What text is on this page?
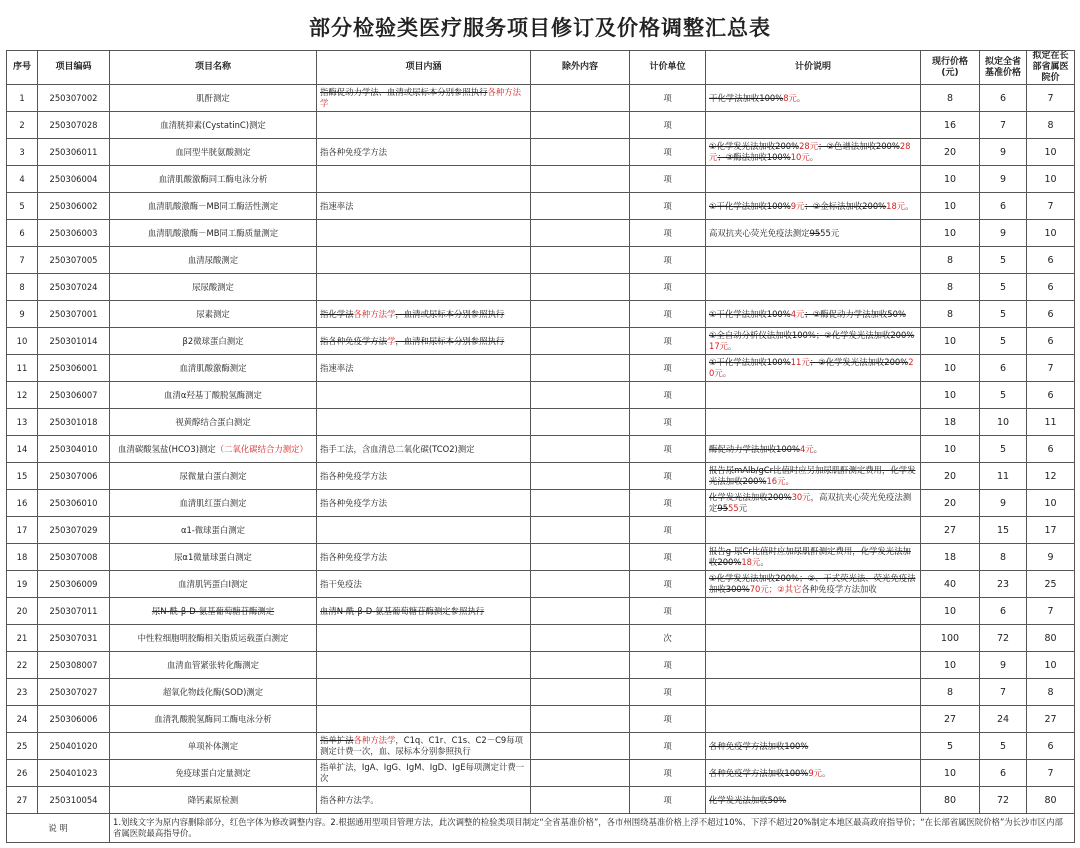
部分检验类医疗服务项目修订及价格调整汇总表
序号	项目编码	项目名称	项目内涵	除外内容	计价单位	计价说明	现行价格(元)	拟定全省基准价格	拟定在长部省属医院价
1	250307002	肌酐测定	指酶促动力学法、血清或尿标本分别参照执行各种方法学		项	干化学法加收100%8元。	8	6	7
2	250307028	血清胱抑素(CystatinC)测定			项		16	7	8
3	250306011	血同型半胱氨酸测定	指各种免疫学方法		项	①化学发光法加收200%28元；②色谱法加收200%28元；③酶法加收100%10元。	20	9	10
4	250306004	血清肌酸激酶同工酶电泳分析			项		10	9	10
5	250306002	血清肌酸激酶－MB同工酶活性测定	指速率法		项	①干化学法加收100%9元；②金标法加收200%18元。	10	6	7
6	250306003	血清肌酸激酶－MB同工酶质量测定			项	高双抗夹心荧光免疫法测定9555元	10	9	10
7	250307005	血清尿酸测定			项		8	5	6
8	250307024	尿尿酸测定			项		8	5	6
9	250307001	尿素测定	指化学法各种方法学，血清或尿标本分别参照执行		项	①干化学法加收100%4元；②酶促动力学法加收50%	8	5	6
10	250301014	β2微球蛋白测定	指各种免疫学方法学，血清和尿标本分别参照执行		项	①全自动分析仪法加收100%；②化学发光法加收200%17元。	10	5	6
11	250306001	血清肌酸激酶测定	指速率法		项	①干化学法加收100%11元；②化学发光法加收200%20元。	10	6	7
12	250306007	血清α羟基丁酸脱氢酶测定			项		10	5	6
13	250301018	视黄醇结合蛋白测定			项		18	10	11
14	250304010	血清碳酸氢盐(HCO3)测定（二氧化碳结合力测定）	指手工法，含血清总二氧化碳(TCO2)测定		项	酶促动力学法加收100%4元。	10	5	6
15	250307006	尿微量白蛋白测定	指各种免疫学方法		项	报告尿mAlb/gCr比值时应另加尿肌酐测定费用，化学发光法加收200%16元。	20	11	12
16	250306010	血清肌红蛋白测定	指各种免疫学方法		项	化学发光法加收200%30元，高双抗夹心荧光免疫法测定9555元	20	9	10
17	250307029	α1-微球蛋白测定			项		27	15	17
18	250307008	尿α1微量球蛋白测定	指各种免疫学方法		项	报告g-尿Cr比值时应加尿肌酐测定费用，化学发光法加收200%18元。	18	8	9
19	250306009	血清肌钙蛋白Ⅰ测定	指干免疫法		项	①化学发光法加收200%；②、干式荧光法、荧光免疫法加收300%70元；②其它各种免疫学方法加收	40	23	25
20	250307011	尿N-酰-β-D-氨基葡萄糖苷酶测定	血清N-酰-β-D-氨基葡萄糖苷酶测定参照执行		项		10	6	7
21	250307031	中性粒细胞明胶酶相关脂质运载蛋白测定			次		100	72	80
22	250308007	血清血管紧张转化酶测定			项		10	9	10
23	250307027	超氧化物歧化酶(SOD)测定			项		8	7	8
24	250306006	血清乳酸脱氢酶同工酶电泳分析			项		27	24	27
25	250401020	单项补体测定	指单扩法各种方法学，C1q、C1r、C1s、C2－C9每项测定计费一次，血、尿标本分别参照执行		项	各种免疫学方法加收100%	5	5	6
26	250401023	免疫球蛋白定量测定	指单扩法，IgA、IgG、IgM、IgD、IgE每项测定计费一次		项	各种免疫学方法加收100%9元。	10	6	7
27	250310054	降钙素原检测	指各种方法学。		项	化学发光法加收50%	80	72	80
说 明		1.划线文字为原内容删除部分，红色字体为修改调整内容。2.根据通用型项目管理方法，此次调整的检验类项目制定“全省基准价格”，各市州围绕基准价格上浮不超过10%、下浮不超过20%制定本地区最高政府指导价；“在长部省属医院价格”为长沙市区内部省属医院最高指导价。							
